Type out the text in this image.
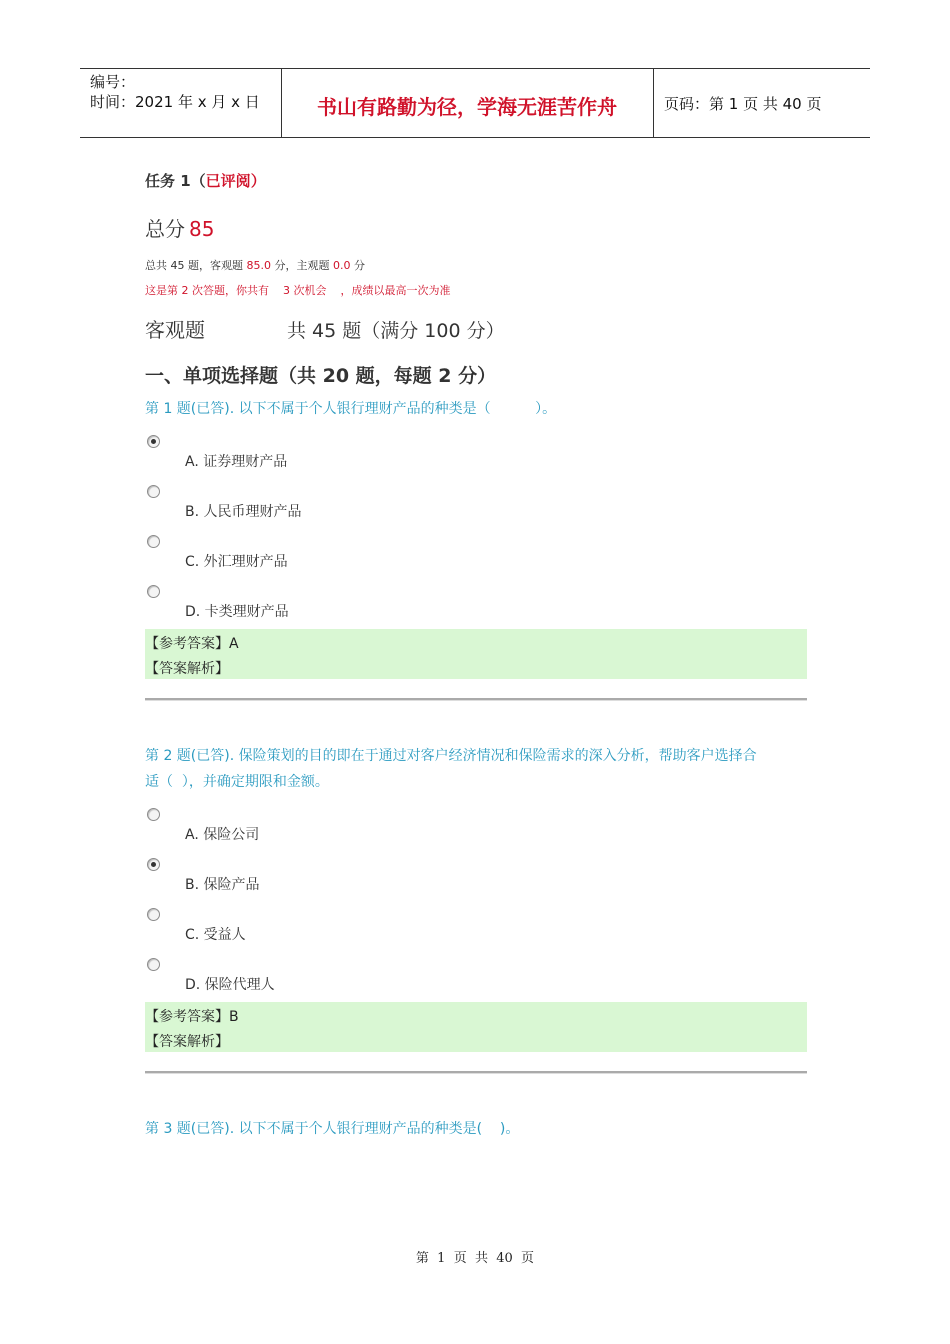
编号：
时间：2021 年 x 月 x 日	书山有路勤为径，学海无涯苦作舟	页码：第 1 页 共 40 页
任务 1（已评阅）
总分 85
总共 45 题，客观题 85.0 分，主观题 0.0 分
这是第 2 次答题，你共有    3 次机会    ，成绩以最高一次为准
客观题	共 45 题（满分 100 分）
一、单项选择题（共 20 题，每题 2 分）
第 1 题(已答). 以下不属于个人银行理财产品的种类是（          ）。
A. 证券理财产品
B. 人民币理财产品
C. 外汇理财产品
D. 卡类理财产品
【参考答案】A
【答案解析】
第 2 题(已答). 保险策划的目的即在于通过对客户经济情况和保险需求的深入分析，帮助客户选择合
适（  ），并确定期限和金额。
A. 保险公司
B. 保险产品
C. 受益人
D. 保险代理人
【参考答案】B
【答案解析】
第 3 题(已答). 以下不属于个人银行理财产品的种类是(    )。
第  1  页  共  40  页
